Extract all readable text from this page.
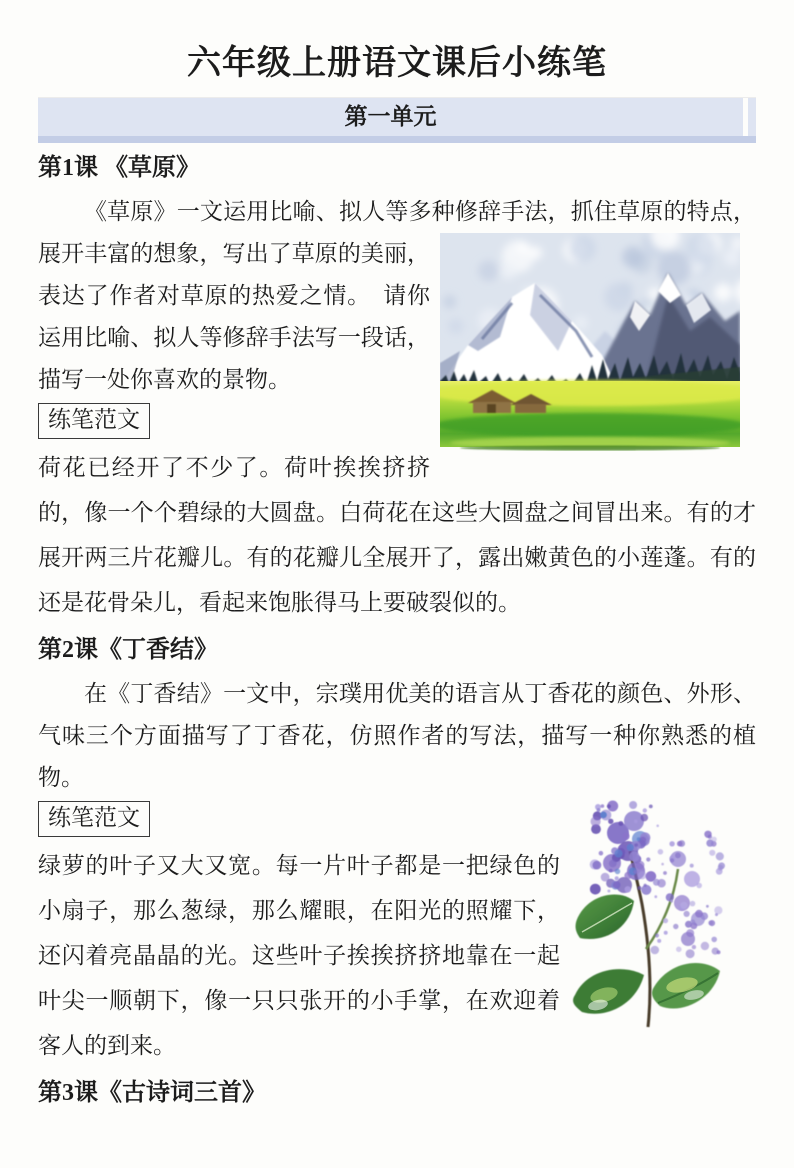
六年级上册语文课后小练笔
第一单元
第1课 《草原》

《草原》一文运用比喻、拟人等多种修辞手法，抓住草原的特点，展开丰富的想象，写出了草原的美丽，表达了作者对草原的热爱之情。　请你运用比喻、拟人等修辞手法写一段话，描写一处你喜欢的景物。

练笔范文

荷花已经开了不少了。荷叶挨挨挤挤的，像一个个碧绿的大圆盘。白荷花在这些大圆盘之间冒出来。有的才展开两三片花瓣儿。有的花瓣儿全展开了，露出嫩黄色的小莲蓬。有的还是花骨朵儿，看起来饱胀得马上要破裂似的。

第2课《丁香结》

在《丁香结》一文中，宗璞用优美的语言从丁香花的颜色、外形、气味三个方面描写了丁香花，仿照作者的写法，描写一种你熟悉的植物。

练笔范文

绿萝的叶子又大又宽。每一片叶子都是一把绿色的小扇子，那么葱绿，那么耀眼，在阳光的照耀下，还闪着亮晶晶的光。这些叶子挨挨挤挤地靠在一起叶尖一顺朝下，像一只只张开的小手掌，在欢迎着客人的到来。

第3课《古诗词三首》
